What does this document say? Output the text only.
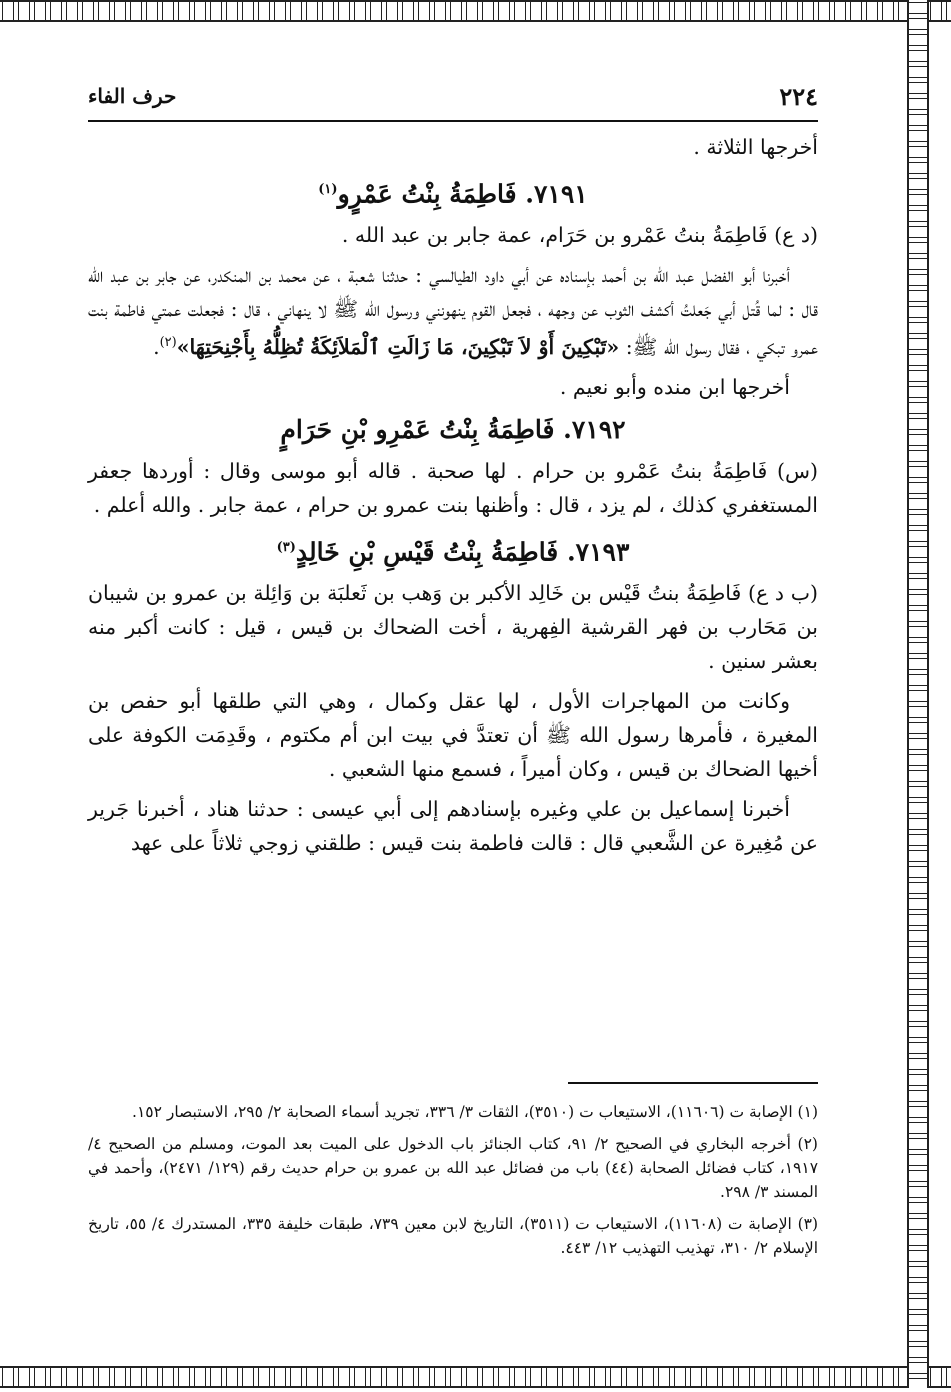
٢٢٤
حرف الفاء

أخرجها الثلاثة .

٧١٩١. فَاطِمَةُ بِنْتُ عَمْرٍو$^{(١)}$

(د ع) فَاطِمَةُ بنتُ عَمْرو بن حَرَام، عمة جابر بن عبد الله .

أخبرنا أبو الفضل عبد الله بن أحمد بإسناده عن أبي داود الطيالسي : حدثنا شعبة ، عن محمد بن المنكدر، عن جابر بن عبد الله قال : لما قُتل أبي جَعلتُ أكشف الثوب عن وجهه ، فجعل القوم ينهونني ورسول الله ﷺ لا ينهاني ، قال : فجعلت عمتي فاطمة بنت عمرو تبكي ، فقال رسول الله ﷺ: «تَبْكِينَ أَوْ لاَ تَبْكِينَ، مَا زَالَتِ ٱلْمَلاَئِكَةُ تُظِلُّهُ بِأَجْنِحَتِهَا»$^{(٢)}$.

أخرجها ابن منده وأبو نعيم .

٧١٩٢. فَاطِمَةُ بِنْتُ عَمْرِو بْنِ حَرَامٍ

(س) فَاطِمَةُ بنتُ عَمْرو بن حرام . لها صحبة . قاله أبو موسى وقال : أوردها جعفر المستغفري كذلك ، لم يزد ، قال : وأظنها بنت عمرو بن حرام ، عمة جابر . والله أعلم .

٧١٩٣. فَاطِمَةُ بِنْتُ قَيْسِ بْنِ خَالِدٍ$^{(٣)}$

(ب د ع) فَاطِمَةُ بنتُ قَيْس بن خَالِد الأكبر بن وَهب بن ثَعلبَة بن وَائِلة بن عمرو بن شيبان بن مَحَارب بن فهر القرشية الفِهرية ، أخت الضحاك بن قيس ، قيل : كانت أكبر منه بعشر سنين .

وكانت من المهاجرات الأول ، لها عقل وكمال ، وهي التي طلقها أبو حفص بن المغيرة ، فأمرها رسول الله ﷺ أن تعتدَّ في بيت ابن أم مكتوم ، وقَدِمَت الكوفة على أخيها الضحاك بن قيس ، وكان أميراً ، فسمع منها الشعبي .

أخبرنا إسماعيل بن علي وغيره بإسنادهم إلى أبي عيسى : حدثنا هناد ، أخبرنا جَرير عن مُغِيرة عن الشَّعبي قال : قالت فاطمة بنت قيس : طلقني زوجي ثلاثاً على عهد

(١) الإصابة ت (١١٦٠٦)، الاستيعاب ت (٣٥١٠)، الثقات ٣/ ٣٣٦، تجريد أسماء الصحابة ٢/ ٢٩٥، الاستبصار ١٥٢.

(٢) أخرجه البخاري في الصحيح ٢/ ٩١، كتاب الجنائز باب الدخول على الميت بعد الموت، ومسلم من الصحيح ٤/ ١٩١٧، كتاب فضائل الصحابة (٤٤) باب من فضائل عبد الله بن عمرو بن حرام حديث رقم (١٢٩/ ٢٤٧١)، وأحمد في المسند ٣/ ٢٩٨.

(٣) الإصابة ت (١١٦٠٨)، الاستيعاب ت (٣٥١١)، التاريخ لابن معين ٧٣٩، طبقات خليفة ٣٣٥، المستدرك ٤/ ٥٥، تاريخ الإسلام ٢/ ٣١٠، تهذيب التهذيب ١٢/ ٤٤٣.
